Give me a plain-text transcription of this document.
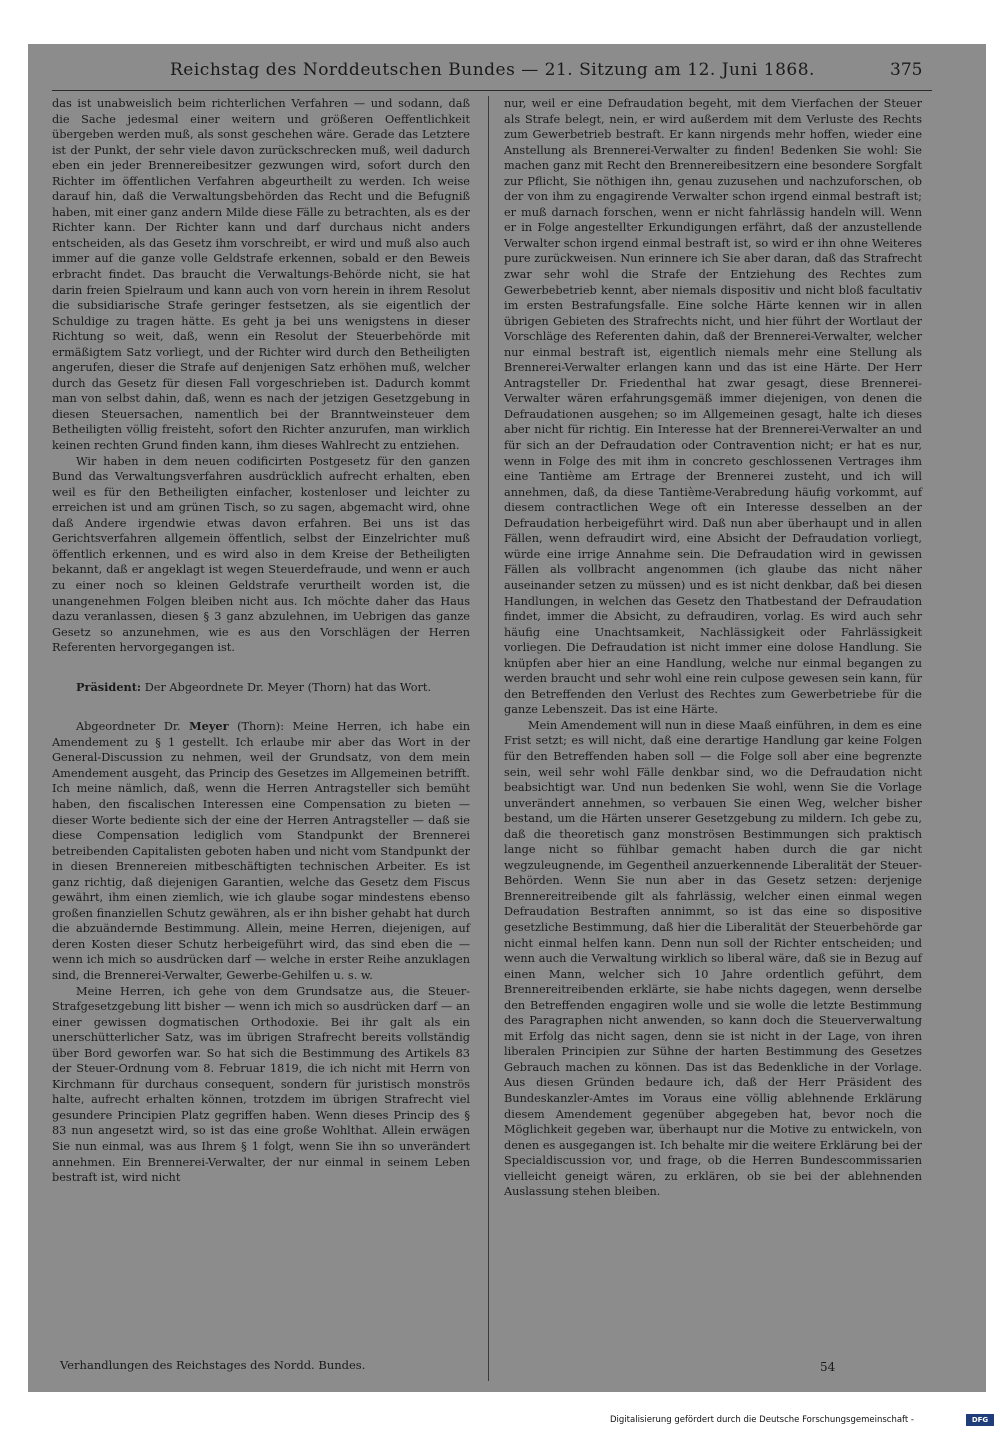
Reichstag des Norddeutschen Bundes — 21. Sitzung am 12. Juni 1868.	375

das ist unabweislich beim richterlichen Verfahren — und sodann, daß die Sache jedesmal einer weitern und größeren Oeffentlichkeit übergeben werden muß, als sonst geschehen wäre. Gerade das Letztere ist der Punkt, der sehr viele davon zurückschrecken muß, weil dadurch eben ein jeder Brennereibesitzer gezwungen wird, sofort durch den Richter im öffentlichen Verfahren abgeurtheilt zu werden. Ich weise darauf hin, daß die Verwaltungsbehörden das Recht und die Befugniß haben, mit einer ganz andern Milde diese Fälle zu betrachten, als es der Richter kann. Der Richter kann und darf durchaus nicht anders entscheiden, als das Gesetz ihm vorschreibt, er wird und muß also auch immer auf die ganze volle Geldstrafe erkennen, sobald er den Beweis erbracht findet. Das braucht die Verwaltungs-Behörde nicht, sie hat darin freien Spielraum und kann auch von vorn herein in ihrem Resolut die subsidiarische Strafe geringer festsetzen, als sie eigentlich der Schuldige zu tragen hätte. Es geht ja bei uns wenigstens in dieser Richtung so weit, daß, wenn ein Resolut der Steuerbehörde mit ermäßigtem Satz vorliegt, und der Richter wird durch den Betheiligten angerufen, dieser die Strafe auf denjenigen Satz erhöhen muß, welcher durch das Gesetz für diesen Fall vorgeschrieben ist. Dadurch kommt man von selbst dahin, daß, wenn es nach der jetzigen Gesetzgebung in diesen Steuersachen, namentlich bei der Branntweinsteuer dem Betheiligten völlig freisteht, sofort den Richter anzurufen, man wirklich keinen rechten Grund finden kann, ihm dieses Wahlrecht zu entziehen.

Wir haben in dem neuen codificirten Postgesetz für den ganzen Bund das Verwaltungsverfahren ausdrücklich aufrecht erhalten, eben weil es für den Betheiligten einfacher, kostenloser und leichter zu erreichen ist und am grünen Tisch, so zu sagen, abgemacht wird, ohne daß Andere irgendwie etwas davon erfahren. Bei uns ist das Gerichtsverfahren allgemein öffentlich, selbst der Einzelrichter muß öffentlich erkennen, und es wird also in dem Kreise der Betheiligten bekannt, daß er angeklagt ist wegen Steuerdefraude, und wenn er auch zu einer noch so kleinen Geldstrafe verurtheilt worden ist, die unangenehmen Folgen bleiben nicht aus. Ich möchte daher das Haus dazu veranlassen, diesen § 3 ganz abzulehnen, im Uebrigen das ganze Gesetz so anzunehmen, wie es aus den Vorschlägen der Herren Referenten hervorgegangen ist.

Präsident: Der Abgeordnete Dr. Meyer (Thorn) hat das Wort.

Abgeordneter Dr. Meyer (Thorn): Meine Herren, ich habe ein Amendement zu § 1 gestellt. Ich erlaube mir aber das Wort in der General-Discussion zu nehmen, weil der Grundsatz, von dem mein Amendement ausgeht, das Princip des Gesetzes im Allgemeinen betrifft. Ich meine nämlich, daß, wenn die Herren Antragsteller sich bemüht haben, den fiscalischen Interessen eine Compensation zu bieten — dieser Worte bediente sich der eine der Herren Antragsteller — daß sie diese Compensation lediglich vom Standpunkt der Brennerei betreibenden Capitalisten geboten haben und nicht vom Standpunkt der in diesen Brennereien mitbeschäftigten technischen Arbeiter. Es ist ganz richtig, daß diejenigen Garantien, welche das Gesetz dem Fiscus gewährt, ihm einen ziemlich, wie ich glaube sogar mindestens ebenso großen finanziellen Schutz gewähren, als er ihn bisher gehabt hat durch die abzuändernde Bestimmung. Allein, meine Herren, diejenigen, auf deren Kosten dieser Schutz herbeigeführt wird, das sind eben die — wenn ich mich so ausdrücken darf — welche in erster Reihe anzuklagen sind, die Brennerei-Verwalter, Gewerbe-Gehilfen u. s. w.

Meine Herren, ich gehe von dem Grundsatze aus, die Steuer-Strafgesetzgebung litt bisher — wenn ich mich so ausdrücken darf — an einer gewissen dogmatischen Orthodoxie. Bei ihr galt als ein unerschütterlicher Satz, was im übrigen Strafrecht bereits vollständig über Bord geworfen war. So hat sich die Bestimmung des Artikels 83 der Steuer-Ordnung vom 8. Februar 1819, die ich nicht mit Herrn von Kirchmann für durchaus consequent, sondern für juristisch monströs halte, aufrecht erhalten können, trotzdem im übrigen Strafrecht viel gesundere Principien Platz gegriffen haben. Wenn dieses Princip des § 83 nun angesetzt wird, so ist das eine große Wohlthat. Allein erwägen Sie nun einmal, was aus Ihrem § 1 folgt, wenn Sie ihn so unverändert annehmen. Ein Brennerei-Verwalter, der nur einmal in seinem Leben bestraft ist, wird nicht

nur, weil er eine Defraudation begeht, mit dem Vierfachen der Steuer als Strafe belegt, nein, er wird außerdem mit dem Verluste des Rechts zum Gewerbetrieb bestraft. Er kann nirgends mehr hoffen, wieder eine Anstellung als Brennerei-Verwalter zu finden! Bedenken Sie wohl: Sie machen ganz mit Recht den Brennereibesitzern eine besondere Sorgfalt zur Pflicht, Sie nöthigen ihn, genau zuzusehen und nachzuforschen, ob der von ihm zu engagirende Verwalter schon irgend einmal bestraft ist; er muß darnach forschen, wenn er nicht fahrlässig handeln will. Wenn er in Folge angestellter Erkundigungen erfährt, daß der anzustellende Verwalter schon irgend einmal bestraft ist, so wird er ihn ohne Weiteres pure zurückweisen. Nun erinnere ich Sie aber daran, daß das Strafrecht zwar sehr wohl die Strafe der Entziehung des Rechtes zum Gewerbebetrieb kennt, aber niemals dispositiv und nicht bloß facultativ im ersten Bestrafungsfalle. Eine solche Härte kennen wir in allen übrigen Gebieten des Strafrechts nicht, und hier führt der Wortlaut der Vorschläge des Referenten dahin, daß der Brennerei-Verwalter, welcher nur einmal bestraft ist, eigentlich niemals mehr eine Stellung als Brennerei-Verwalter erlangen kann und das ist eine Härte. Der Herr Antragsteller Dr. Friedenthal hat zwar gesagt, diese Brennerei-Verwalter wären erfahrungsgemäß immer diejenigen, von denen die Defraudationen ausgehen; so im Allgemeinen gesagt, halte ich dieses aber nicht für richtig. Ein Interesse hat der Brennerei-Verwalter an und für sich an der Defraudation oder Contravention nicht; er hat es nur, wenn in Folge des mit ihm in concreto geschlossenen Vertrages ihm eine Tantième am Ertrage der Brennerei zusteht, und ich will annehmen, daß, da diese Tantième-Verabredung häufig vorkommt, auf diesem contractlichen Wege oft ein Interesse desselben an der Defraudation herbeigeführt wird. Daß nun aber überhaupt und in allen Fällen, wenn defraudirt wird, eine Absicht der Defraudation vorliegt, würde eine irrige Annahme sein. Die Defraudation wird in gewissen Fällen als vollbracht angenommen (ich glaube das nicht näher auseinander setzen zu müssen) und es ist nicht denkbar, daß bei diesen Handlungen, in welchen das Gesetz den Thatbestand der Defraudation findet, immer die Absicht, zu defraudiren, vorlag. Es wird auch sehr häufig eine Unachtsamkeit, Nachlässigkeit oder Fahrlässigkeit vorliegen. Die Defraudation ist nicht immer eine dolose Handlung. Sie knüpfen aber hier an eine Handlung, welche nur einmal begangen zu werden braucht und sehr wohl eine rein culpose gewesen sein kann, für den Betreffenden den Verlust des Rechtes zum Gewerbetriebe für die ganze Lebenszeit. Das ist eine Härte.

Mein Amendement will nun in diese Maaß einführen, in dem es eine Frist setzt; es will nicht, daß eine derartige Handlung gar keine Folgen für den Betreffenden haben soll — die Folge soll aber eine begrenzte sein, weil sehr wohl Fälle denkbar sind, wo die Defraudation nicht beabsichtigt war. Und nun bedenken Sie wohl, wenn Sie die Vorlage unverändert annehmen, so verbauen Sie einen Weg, welcher bisher bestand, um die Härten unserer Gesetzgebung zu mildern. Ich gebe zu, daß die theoretisch ganz monströsen Bestimmungen sich praktisch lange nicht so fühlbar gemacht haben durch die gar nicht wegzuleugnende, im Gegentheil anzuerkennende Liberalität der Steuer-Behörden. Wenn Sie nun aber in das Gesetz setzen: derjenige Brennereitreibende gilt als fahrlässig, welcher einen einmal wegen Defraudation Bestraften annimmt, so ist das eine so dispositive gesetzliche Bestimmung, daß hier die Liberalität der Steuerbehörde gar nicht einmal helfen kann. Denn nun soll der Richter entscheiden; und wenn auch die Verwaltung wirklich so liberal wäre, daß sie in Bezug auf einen Mann, welcher sich 10 Jahre ordentlich geführt, dem Brennereitreibenden erklärte, sie habe nichts dagegen, wenn derselbe den Betreffenden engagiren wolle und sie wolle die letzte Bestimmung des Paragraphen nicht anwenden, so kann doch die Steuerverwaltung mit Erfolg das nicht sagen, denn sie ist nicht in der Lage, von ihren liberalen Principien zur Sühne der harten Bestimmung des Gesetzes Gebrauch machen zu können. Das ist das Bedenkliche in der Vorlage. Aus diesen Gründen bedaure ich, daß der Herr Präsident des Bundeskanzler-Amtes im Voraus eine völlig ablehnende Erklärung diesem Amendement gegenüber abgegeben hat, bevor noch die Möglichkeit gegeben war, überhaupt nur die Motive zu entwickeln, von denen es ausgegangen ist. Ich behalte mir die weitere Erklärung bei der Specialdiscussion vor, und frage, ob die Herren Bundescommissarien vielleicht geneigt wären, zu erklären, ob sie bei der ablehnenden Auslassung stehen bleiben.

Verhandlungen des Reichstages des Nordd. Bundes.	54
Digitalisierung gefördert durch die Deutsche Forschungsgemeinschaft -	DFG
